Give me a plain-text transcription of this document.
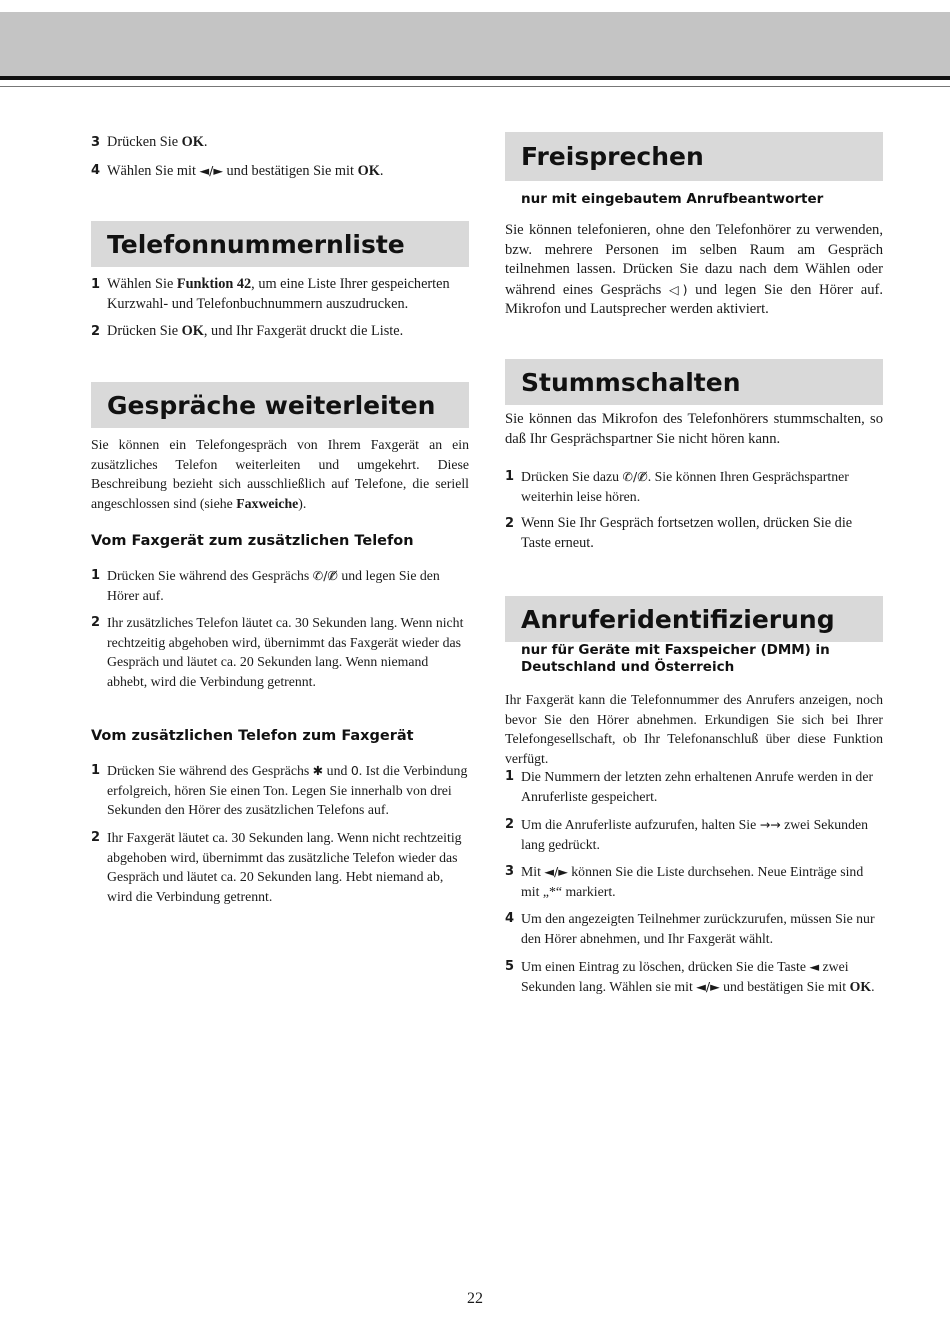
3 Drücken Sie OK.
4 Wählen Sie mit ◄/► und bestätigen Sie mit OK.
Telefonnummernliste
1 Wählen Sie Funktion 42, um eine Liste Ihrer gespeicherten Kurzwahl- und Telefonbuchnummern auszudrucken.
2 Drücken Sie OK, und Ihr Faxgerät druckt die Liste.
Gespräche weiterleiten
Sie können ein Telefongespräch von Ihrem Faxgerät an ein zusätzliches Telefon weiterleiten und umgekehrt. Diese Beschreibung bezieht sich ausschließlich auf Telefone, die seriell angeschlossen sind (siehe Faxweiche).
Vom Faxgerät zum zusätzlichen Telefon
1 Drücken Sie während des Gesprächs ✆/✆̸ und legen Sie den Hörer auf.
2 Ihr zusätzliches Telefon läutet ca. 30 Sekunden lang. Wenn nicht rechtzeitig abgehoben wird, übernimmt das Faxgerät wieder das Gespräch und läutet ca. 20 Sekunden lang. Wenn niemand abhebt, wird die Verbindung getrennt.
Vom zusätzlichen Telefon zum Faxgerät
1 Drücken Sie während des Gesprächs ✱ und 0. Ist die Verbindung erfolgreich, hören Sie einen Ton. Legen Sie innerhalb von drei Sekunden den Hörer des zusätzlichen Telefons auf.
2 Ihr Faxgerät läutet ca. 30 Sekunden lang. Wenn nicht rechtzeitig abgehoben wird, übernimmt das zusätzliche Telefon wieder das Gespräch und läutet ca. 20 Sekunden lang. Hebt niemand ab, wird die Verbindung getrennt.
Freisprechen
nur mit eingebautem Anrufbeantworter
Sie können telefonieren, ohne den Telefonhörer zu verwenden, bzw. mehrere Personen im selben Raum am Gespräch teilnehmen lassen. Drücken Sie dazu nach dem Wählen oder während eines Gesprächs ◁) und legen Sie den Hörer auf. Mikrofon und Lautsprecher werden aktiviert.
Stummschalten
Sie können das Mikrofon des Telefonhörers stummschalten, so daß Ihr Gesprächspartner Sie nicht hören kann.
1 Drücken Sie dazu ✆/✆̸. Sie können Ihren Gesprächspartner weiterhin leise hören.
2 Wenn Sie Ihr Gespräch fortsetzen wollen, drücken Sie die Taste erneut.
Anruferidentifizierung
nur für Geräte mit Faxspeicher (DMM) in Deutschland und Österreich
Ihr Faxgerät kann die Telefonnummer des Anrufers anzeigen, noch bevor Sie den Hörer abnehmen. Erkundigen Sie sich bei Ihrer Telefongesellschaft, ob Ihr Telefonanschluß über diese Funktion verfügt.
1 Die Nummern der letzten zehn erhaltenen Anrufe werden in der Anruferliste gespeichert.
2 Um die Anruferliste aufzurufen, halten Sie →→ zwei Sekunden lang gedrückt.
3 Mit ◄/► können Sie die Liste durchsehen. Neue Einträge sind mit „*“ markiert.
4 Um den angezeigten Teilnehmer zurückzurufen, müssen Sie nur den Hörer abnehmen, und Ihr Faxgerät wählt.
5 Um einen Eintrag zu löschen, drücken Sie die Taste ◄ zwei Sekunden lang. Wählen sie mit ◄/► und bestätigen Sie mit OK.
22
